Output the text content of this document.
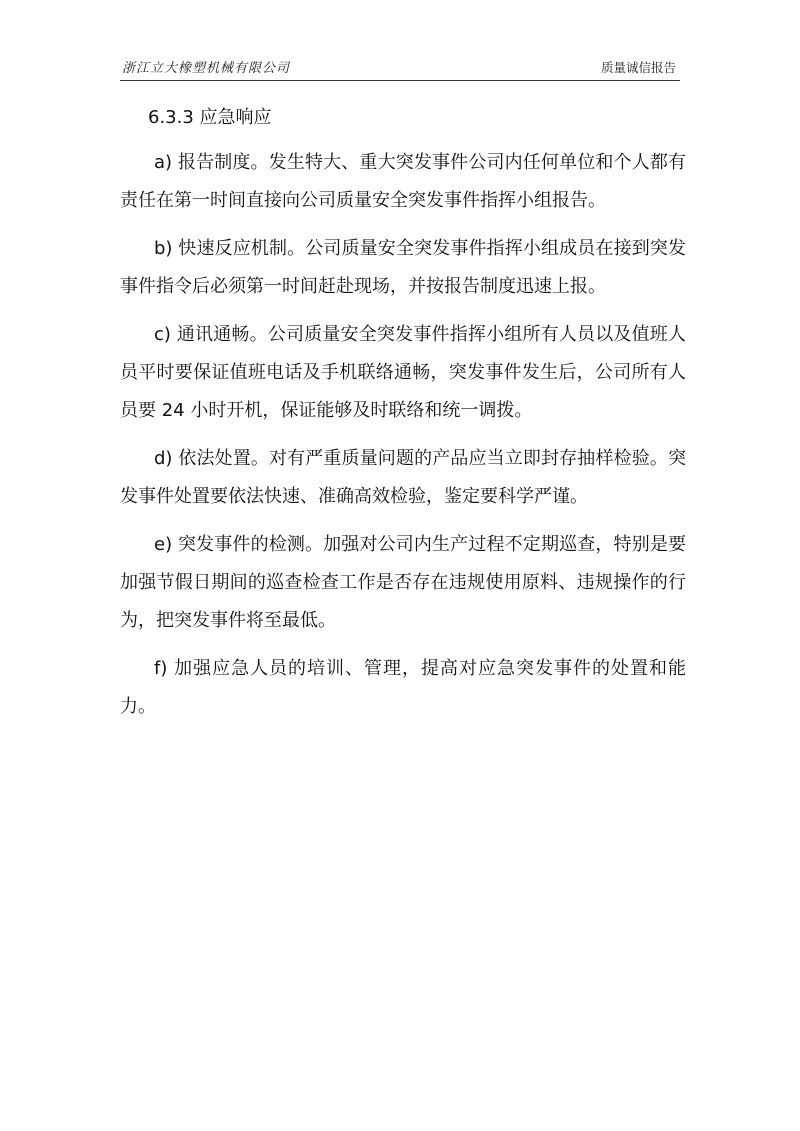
浙江立大橡塑机械有限公司	质量诚信报告
6.3.3 应急响应

a) 报告制度。发生特大、重大突发事件公司内任何单位和个人都有责任在第一时间直接向公司质量安全突发事件指挥小组报告。

b) 快速反应机制。公司质量安全突发事件指挥小组成员在接到突发事件指令后必须第一时间赶赴现场，并按报告制度迅速上报。

c) 通讯通畅。公司质量安全突发事件指挥小组所有人员以及值班人员平时要保证值班电话及手机联络通畅，突发事件发生后，公司所有人员要 24 小时开机，保证能够及时联络和统一调拨。

d) 依法处置。对有严重质量问题的产品应当立即封存抽样检验。突发事件处置要依法快速、准确高效检验，鉴定要科学严谨。

e) 突发事件的检测。加强对公司内生产过程不定期巡查，特别是要加强节假日期间的巡查检查工作是否存在违规使用原料、违规操作的行为，把突发事件将至最低。

f) 加强应急人员的培训、管理，提高对应急突发事件的处置和能力。
